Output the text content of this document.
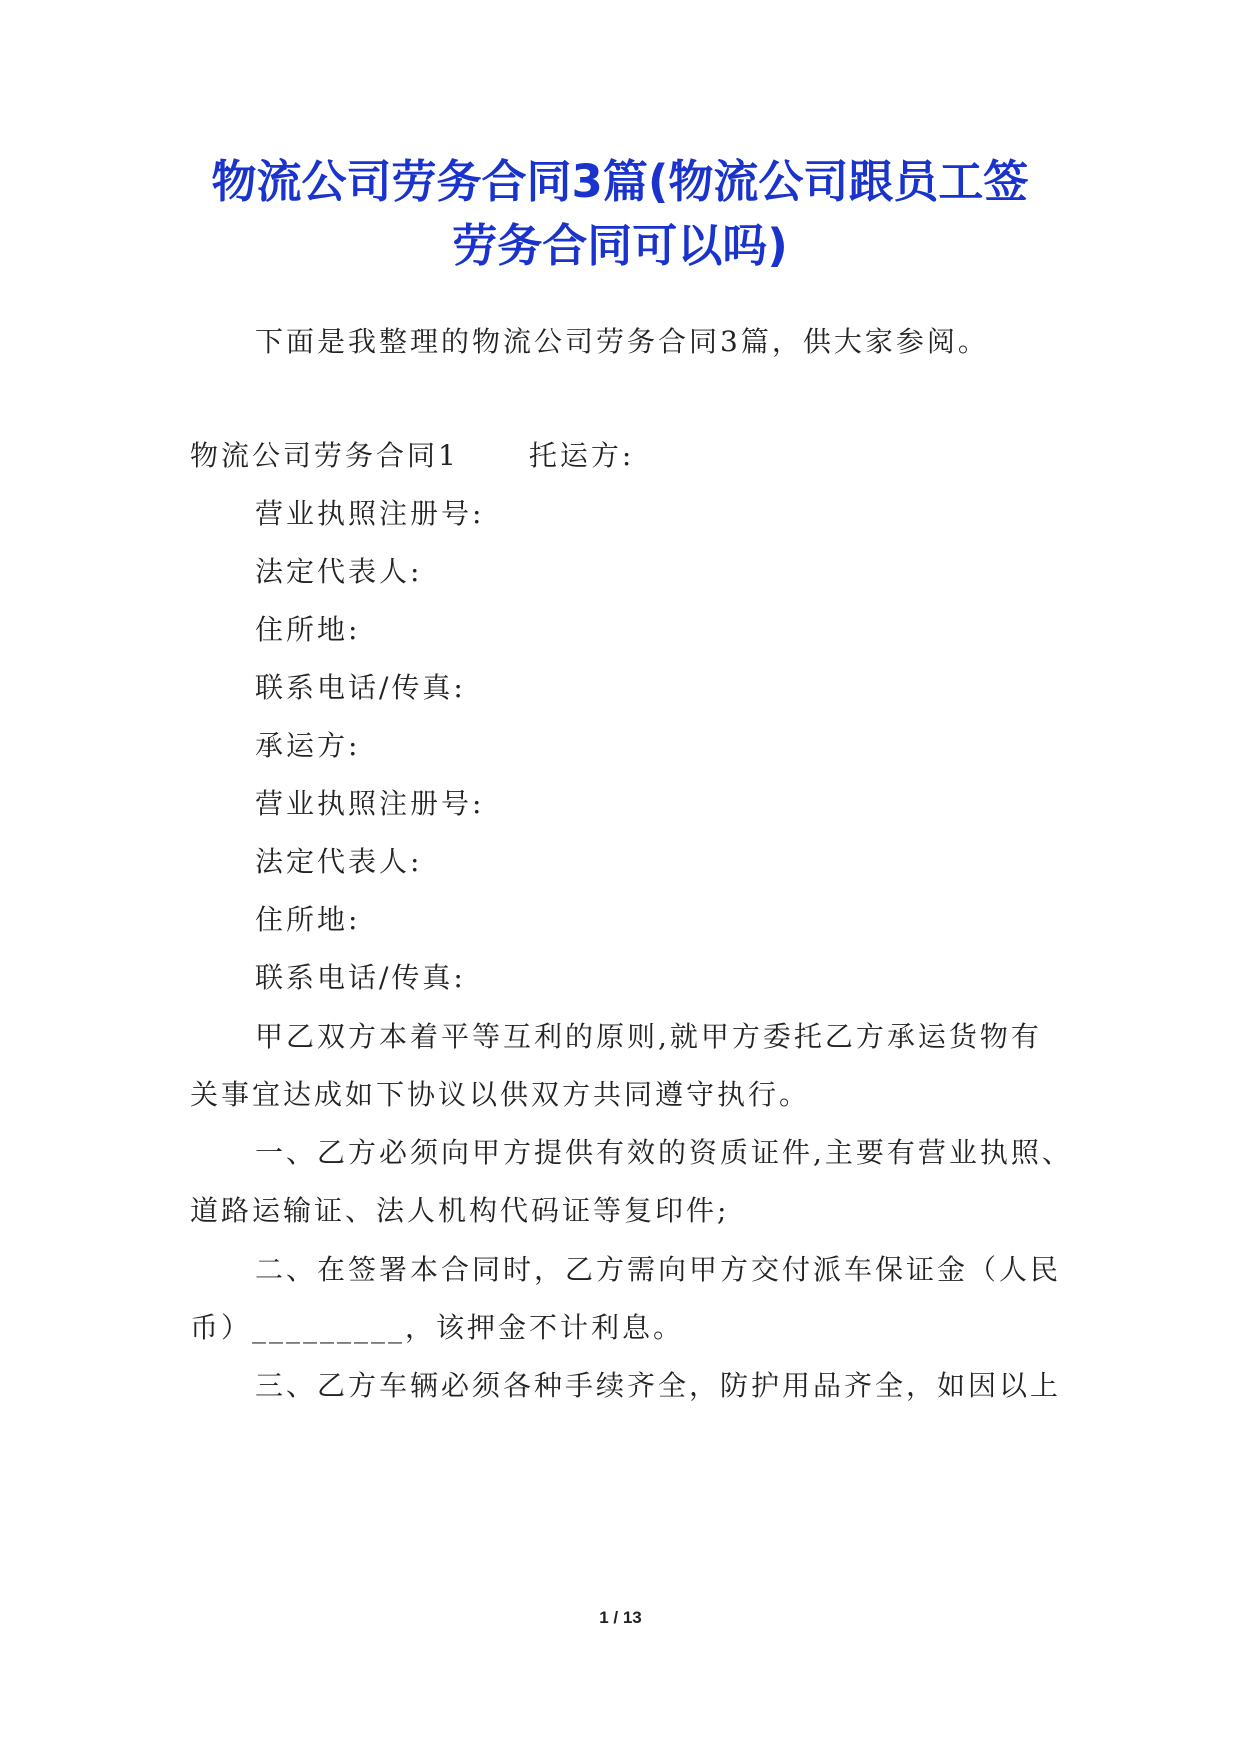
物流公司劳务合同3篇(物流公司跟员工签
劳务合同可以吗)
下面是我整理的物流公司劳务合同3篇，供大家参阅。
物流公司劳务合同1	托运方:
营业执照注册号:
法定代表人:
住所地:
联系电话/传真:
承运方:
营业执照注册号:
法定代表人:
住所地:
联系电话/传真:
甲乙双方本着平等互利的原则,就甲方委托乙方承运货物有
关事宜达成如下协议以供双方共同遵守执行。
一、乙方必须向甲方提供有效的资质证件,主要有营业执照、
道路运输证、法人机构代码证等复印件;
二、在签署本合同时，乙方需向甲方交付派车保证金（人民
币）_________，该押金不计利息。
三、乙方车辆必须各种手续齐全，防护用品齐全，如因以上
1 / 13
